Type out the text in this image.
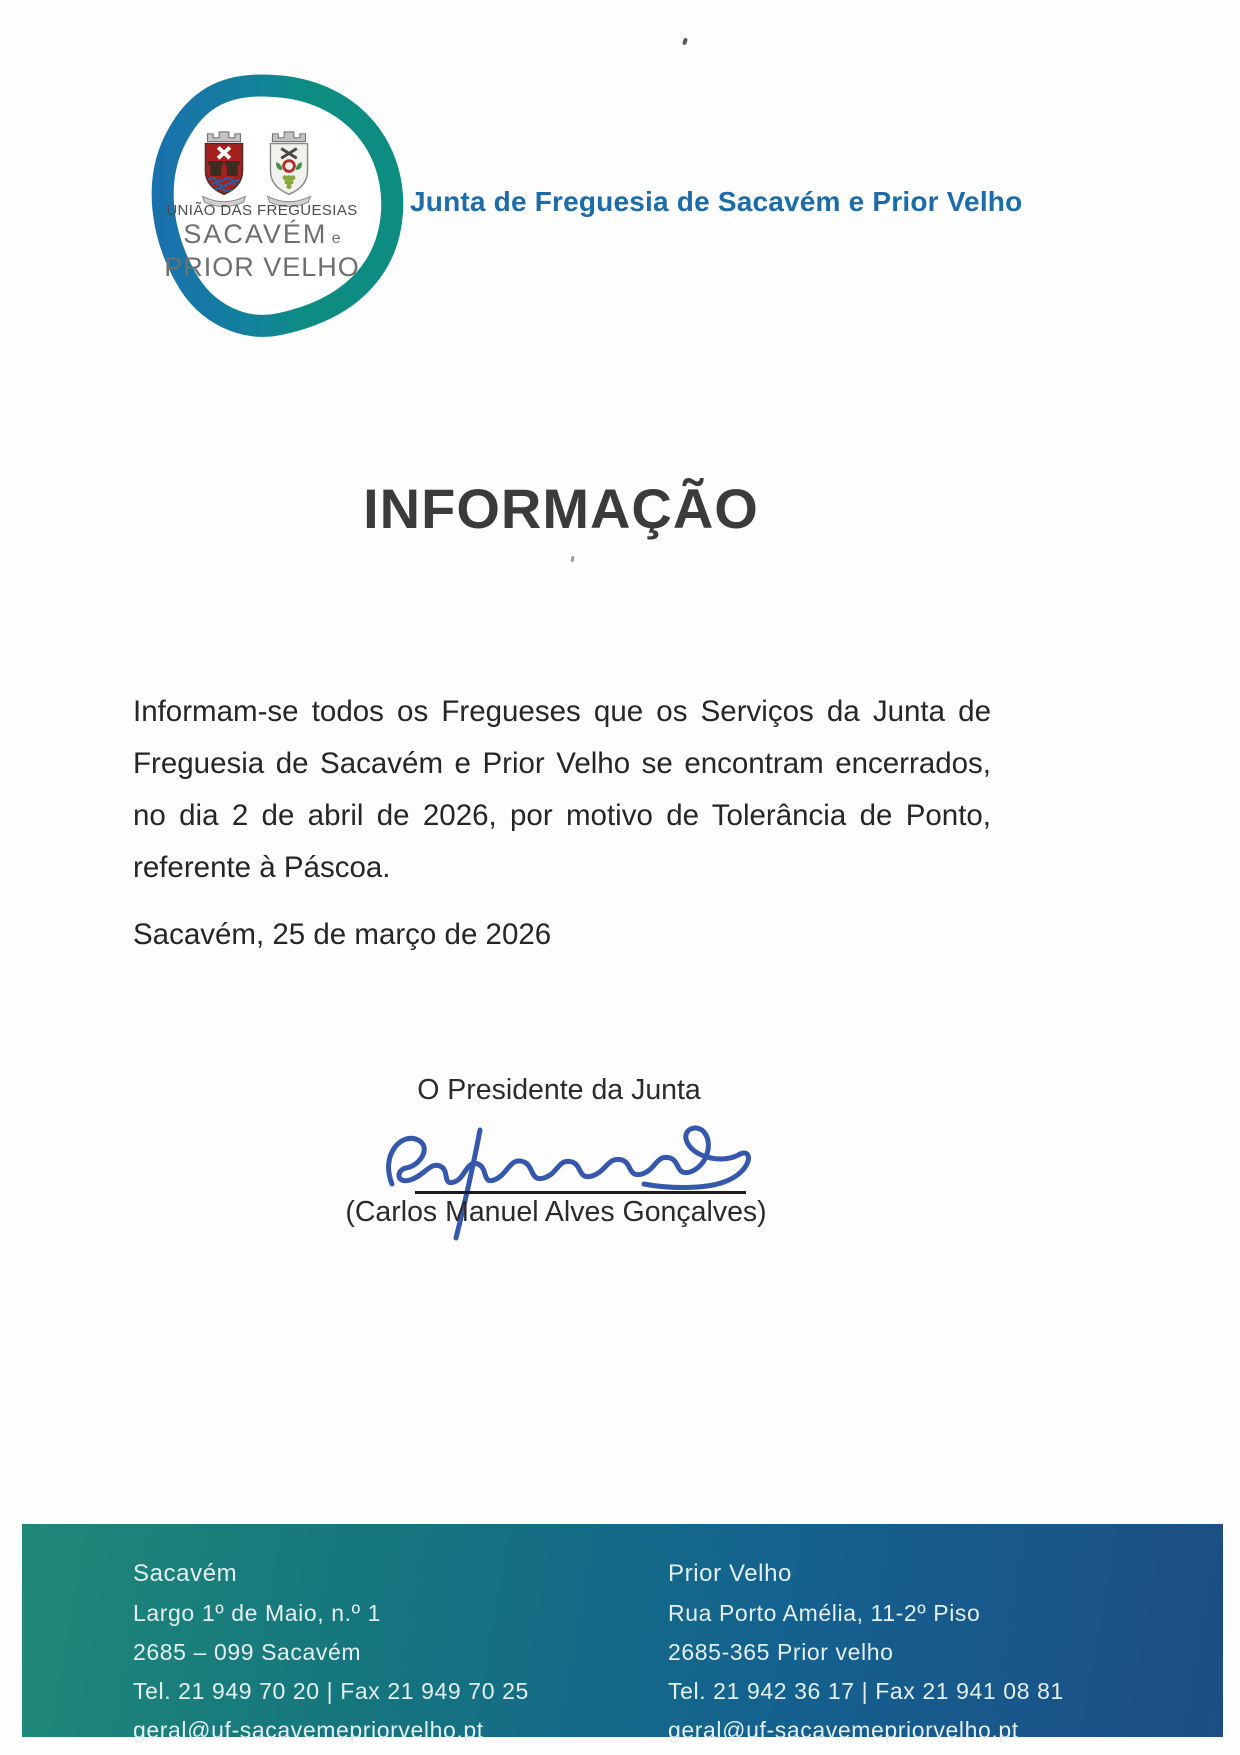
UNIÃO DAS FREGUESIAS
SACAVÉM e
PRIOR VELHO
Junta de Freguesia de Sacavém e Prior Velho
INFORMAÇÃO

Informam-se todos os Fregueses que os Serviços da Junta de Freguesia de Sacavém e Prior Velho se encontram encerrados, no dia 2 de abril de 2026, por motivo de Tolerância de Ponto, referente à Páscoa.

Sacavém, 25 de março de 2026

O Presidente da Junta
(Carlos Manuel Alves Gonçalves)
Sacavém
Largo 1º de Maio, n.º 1
2685 – 099 Sacavém
Tel. 21 949 70 20 | Fax 21 949 70 25
geral@uf-sacavemepriorvelho.pt
Prior Velho
Rua Porto Amélia, 11-2º Piso
2685-365 Prior velho
Tel. 21 942 36 17 | Fax 21 941 08 81
geral@uf-sacavemepriorvelho.pt
